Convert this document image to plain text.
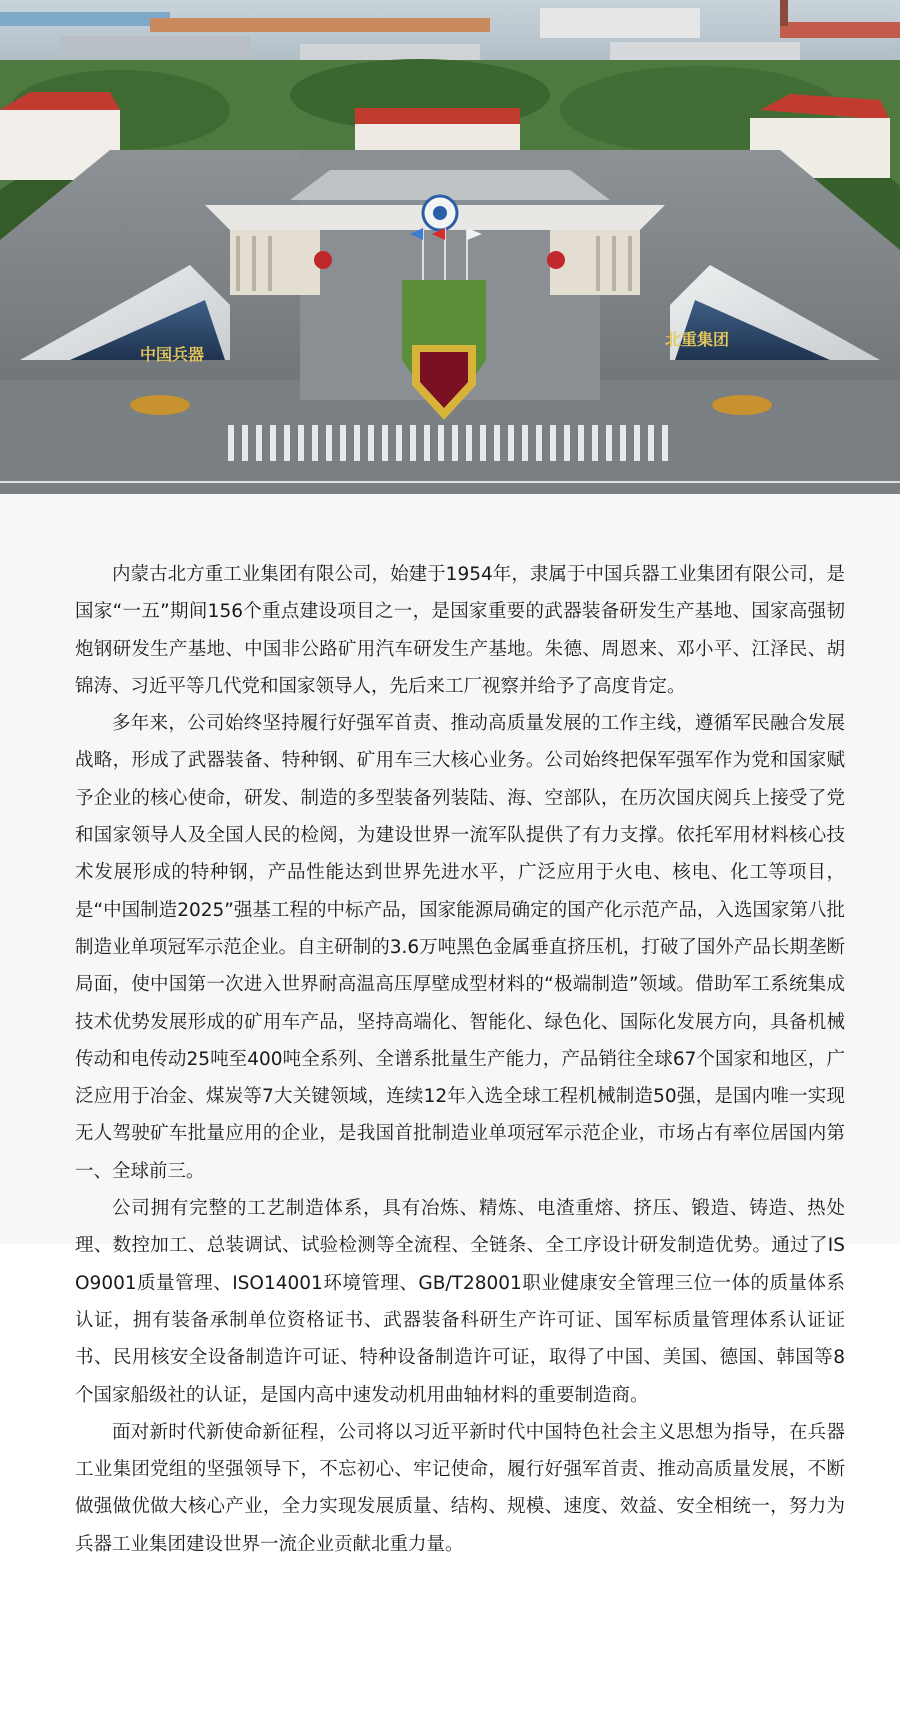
中国兵器
北重集团

内蒙古北方重工业集团有限公司，始建于1954年，隶属于中国兵器工业集团有限公司，是国家“一五”期间156个重点建设项目之一，是国家重要的武器装备研发生产基地、国家高强韧炮钢研发生产基地、中国非公路矿用汽车研发生产基地。朱德、周恩来、邓小平、江泽民、胡锦涛、习近平等几代党和国家领导人，先后来工厂视察并给予了高度肯定。

多年来，公司始终坚持履行好强军首责、推动高质量发展的工作主线，遵循军民融合发展战略，形成了武器装备、特种钢、矿用车三大核心业务。公司始终把保军强军作为党和国家赋予企业的核心使命，研发、制造的多型装备列装陆、海、空部队，在历次国庆阅兵上接受了党和国家领导人及全国人民的检阅，为建设世界一流军队提供了有力支撑。依托军用材料核心技术发展形成的特种钢，产品性能达到世界先进水平，广泛应用于火电、核电、化工等项目，是“中国制造2025”强基工程的中标产品，国家能源局确定的国产化示范产品，入选国家第八批制造业单项冠军示范企业。自主研制的3.6万吨黑色金属垂直挤压机，打破了国外产品长期垄断局面，使中国第一次进入世界耐高温高压厚壁成型材料的“极端制造”领域。借助军工系统集成技术优势发展形成的矿用车产品，坚持高端化、智能化、绿色化、国际化发展方向，具备机械传动和电传动25吨至400吨全系列、全谱系批量生产能力，产品销往全球67个国家和地区，广泛应用于冶金、煤炭等7大关键领域，连续12年入选全球工程机械制造50强，是国内唯一实现无人驾驶矿车批量应用的企业，是我国首批制造业单项冠军示范企业，市场占有率位居国内第一、全球前三。

公司拥有完整的工艺制造体系，具有冶炼、精炼、电渣重熔、挤压、锻造、铸造、热处理、数控加工、总装调试、试验检测等全流程、全链条、全工序设计研发制造优势。通过了ISO9001质量管理、ISO14001环境管理、GB/T28001职业健康安全管理三位一体的质量体系认证，拥有装备承制单位资格证书、武器装备科研生产许可证、国军标质量管理体系认证证书、民用核安全设备制造许可证、特种设备制造许可证，取得了中国、美国、德国、韩国等8个国家船级社的认证，是国内高中速发动机用曲轴材料的重要制造商。

面对新时代新使命新征程，公司将以习近平新时代中国特色社会主义思想为指导，在兵器工业集团党组的坚强领导下，不忘初心、牢记使命，履行好强军首责、推动高质量发展，不断做强做优做大核心产业，全力实现发展质量、结构、规模、速度、效益、安全相统一，努力为兵器工业集团建设世界一流企业贡献北重力量。
